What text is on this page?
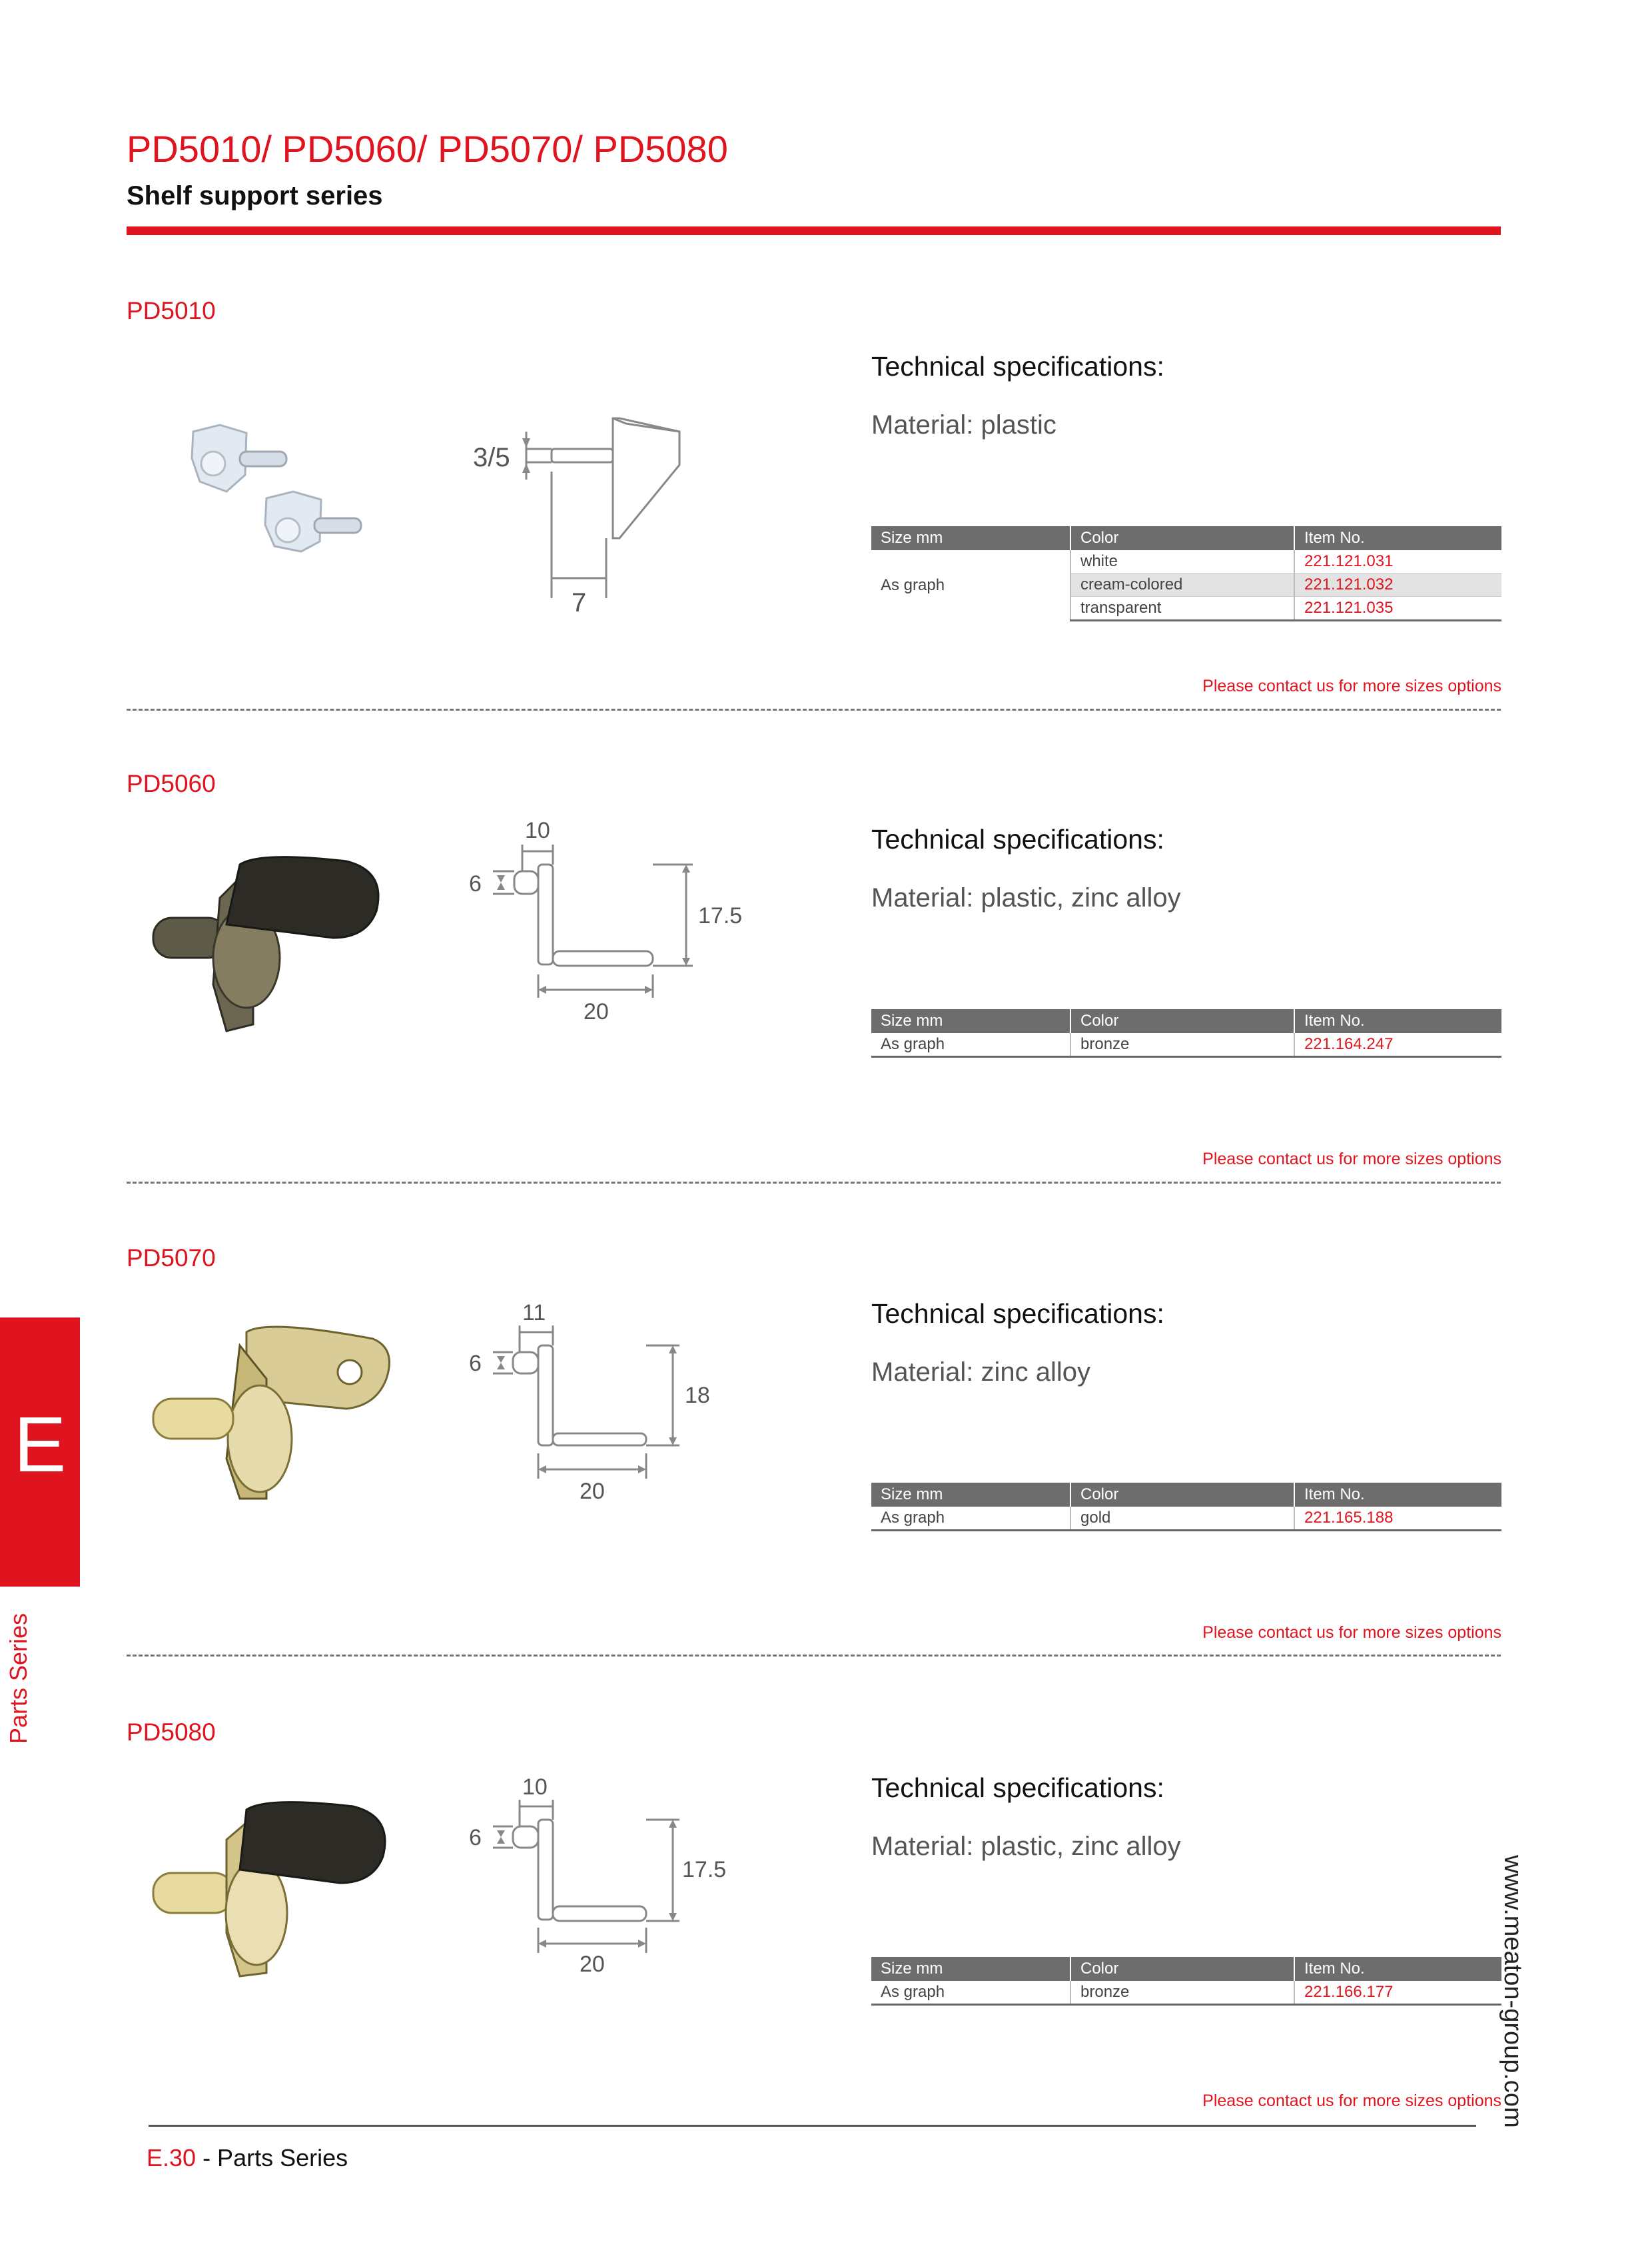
PD5010/ PD5060/ PD5070/ PD5080
Shelf support series
PD5010
3/5
7
Technical specifications:
Material: plastic
Size mm	Color	Item No.
As graph	white	221.121.031
	cream-colored	221.121.032
	transparent	221.121.035
Please contact us for more sizes options
PD5060
6
10
17.5
20
Technical specifications:
Material: plastic, zinc alloy
Size mm	Color	Item No.
As graph	bronze	221.164.247
Please contact us for more sizes options
PD5070
6
11
18
20
Technical specifications:
Material: zinc alloy
Size mm	Color	Item No.
As graph	gold	221.165.188
Please contact us for more sizes options
PD5080
6
10
17.5
20
Technical specifications:
Material: plastic, zinc alloy
Size mm	Color	Item No.
As graph	bronze	221.166.177
Please contact us for more sizes options
E
Parts Series
www.meaton-group.com
E.30 - Parts Series
